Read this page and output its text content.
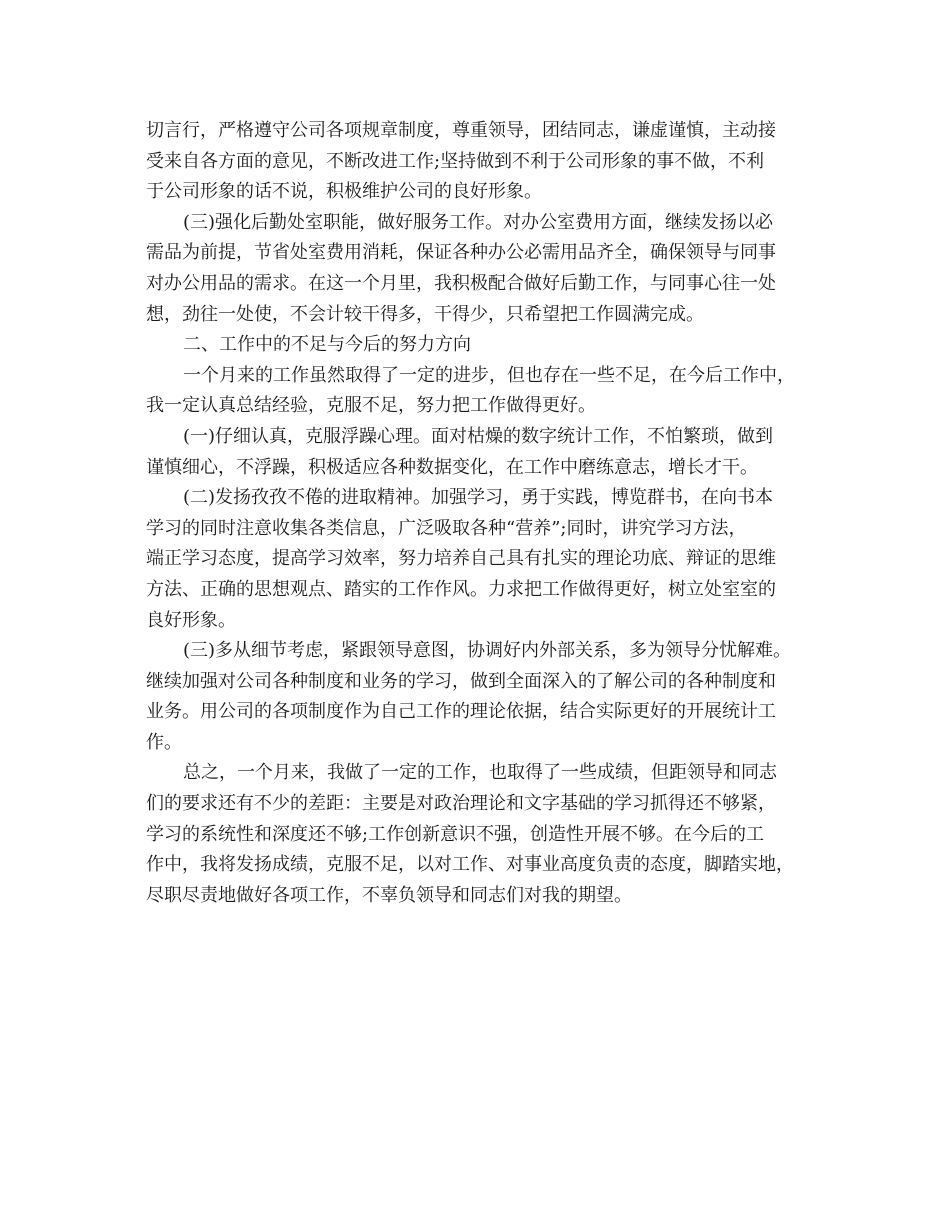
切言行，严格遵守公司各项规章制度，尊重领导，团结同志，谦虚谨慎，主动接
受来自各方面的意见，不断改进工作;坚持做到不利于公司形象的事不做，不利
于公司形象的话不说，积极维护公司的良好形象。
(三)强化后勤处室职能，做好服务工作。对办公室费用方面，继续发扬以必
需品为前提，节省处室费用消耗，保证各种办公必需用品齐全，确保领导与同事
对办公用品的需求。在这一个月里，我积极配合做好后勤工作，与同事心往一处
想，劲往一处使，不会计较干得多，干得少，只希望把工作圆满完成。
二、工作中的不足与今后的努力方向
一个月来的工作虽然取得了一定的进步，但也存在一些不足，在今后工作中，
我一定认真总结经验，克服不足，努力把工作做得更好。
(一)仔细认真，克服浮躁心理。面对枯燥的数字统计工作，不怕繁琐，做到
谨慎细心，不浮躁，积极适应各种数据变化，在工作中磨练意志，增长才干。
(二)发扬孜孜不倦的进取精神。加强学习，勇于实践，博览群书，在向书本
学习的同时注意收集各类信息，广泛吸取各种“营养”;同时，讲究学习方法，
端正学习态度，提高学习效率，努力培养自己具有扎实的理论功底、辩证的思维
方法、正确的思想观点、踏实的工作作风。力求把工作做得更好，树立处室室的
良好形象。
(三)多从细节考虑，紧跟领导意图，协调好内外部关系，多为领导分忧解难。
继续加强对公司各种制度和业务的学习，做到全面深入的了解公司的各种制度和
业务。用公司的各项制度作为自己工作的理论依据，结合实际更好的开展统计工
作。
总之，一个月来，我做了一定的工作，也取得了一些成绩，但距领导和同志
们的要求还有不少的差距：主要是对政治理论和文字基础的学习抓得还不够紧，
学习的系统性和深度还不够;工作创新意识不强，创造性开展不够。在今后的工
作中，我将发扬成绩，克服不足，以对工作、对事业高度负责的态度，脚踏实地，
尽职尽责地做好各项工作，不辜负领导和同志们对我的期望。
